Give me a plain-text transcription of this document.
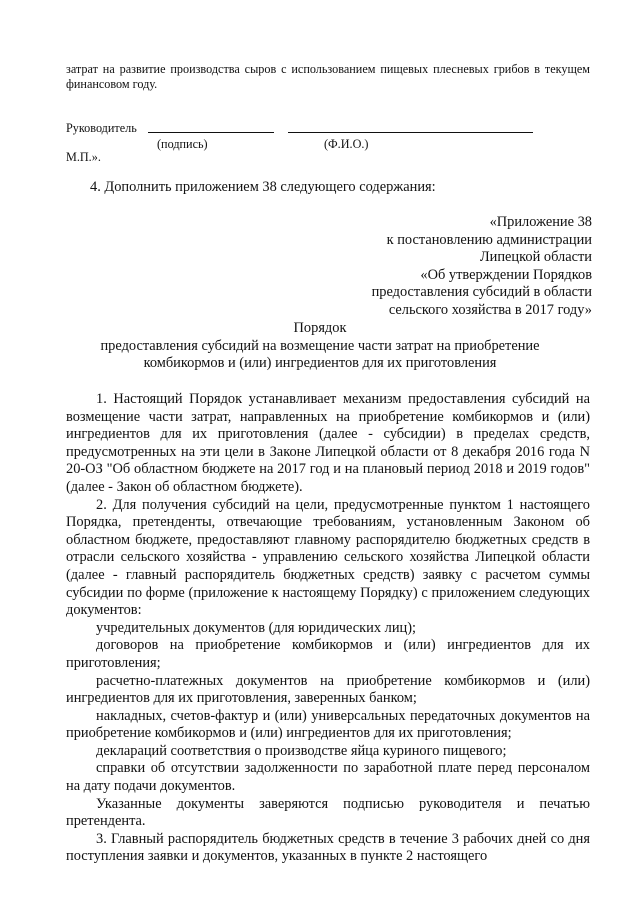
затрат на развитие производства сыров с использованием пищевых плесневых грибов в текущем финансовом году.
Руководитель
(подпись)	(Ф.И.О.)
М.П.».
4. Дополнить приложением 38 следующего содержания:
«Приложение 38
к постановлению администрации
Липецкой области
«Об утверждении Порядков
предоставления субсидий в области
сельского хозяйства в 2017 году»
Порядок
предоставления субсидий на возмещение части затрат на приобретение
комбикормов и (или) ингредиентов для их приготовления

1. Настоящий Порядок устанавливает механизм предоставления субсидий на возмещение части затрат, направленных на приобретение комбикормов и (или) ингредиентов для их приготовления (далее - субсидии) в пределах средств, предусмотренных на эти цели в Законе Липецкой области от 8 декабря 2016 года N 20-ОЗ "Об областном бюджете на 2017 год и на плановый период 2018 и 2019 годов" (далее - Закон об областном бюджете).

2. Для получения субсидий на цели, предусмотренные пунктом 1 настоящего Порядка, претенденты, отвечающие требованиям, установленным Законом об областном бюджете, предоставляют главному распорядителю бюджетных средств в отрасли сельского хозяйства - управлению сельского хозяйства Липецкой области (далее - главный распорядитель бюджетных средств) заявку с расчетом суммы субсидии по форме (приложение к настоящему Порядку) с приложением следующих документов:

учредительных документов (для юридических лиц);

договоров на приобретение комбикормов и (или) ингредиентов для их приготовления;

расчетно-платежных документов на приобретение комбикормов и (или) ингредиентов для их приготовления, заверенных банком;

накладных, счетов-фактур и (или) универсальных передаточных документов на приобретение комбикормов и (или) ингредиентов для их приготовления;

деклараций соответствия о производстве яйца куриного пищевого;

справки об отсутствии задолженности по заработной плате перед персоналом на дату подачи документов.

Указанные документы заверяются подписью руководителя и печатью претендента.

3. Главный распорядитель бюджетных средств в течение 3 рабочих дней со дня поступления заявки и документов, указанных в пункте 2 настоящего
